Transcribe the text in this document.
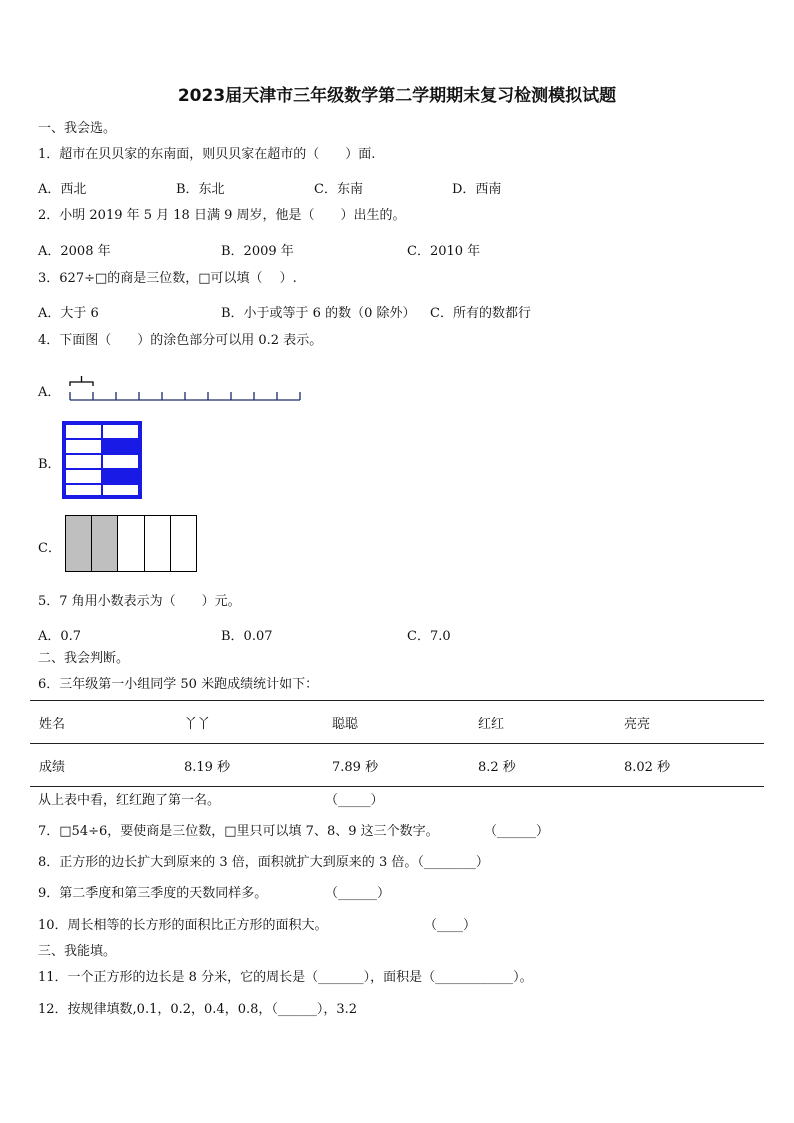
2023届天津市三年级数学第二学期期末复习检测模拟试题
一、我会选。
1．超市在贝贝家的东南面，则贝贝家在超市的（　　）面.
A．西北	B．东北	C．东南	D．西南
2．小明 2019 年 5 月 18 日满 9 周岁，他是（　　）出生的。
A．2008 年	B．2009 年	C．2010 年
3．627÷□的商是三位数，□可以填（　 ）.
A．大于 6	B．小于或等于 6 的数（0 除外） C．所有的数都行
4．下面图（　　）的涂色部分可以用 0.2 表示。
A．
B．
C．
5．7 角用小数表示为（　　）元。
A．0.7	B．0.07	C．7.0
二、我会判断。
6．三年级第一小组同学 50 米跑成绩统计如下：
姓名	丫丫	聪聪	红红	亮亮
成绩	8.19 秒	7.89 秒	8.2 秒	8.02 秒
从上表中看，红红跑了第一名。	（_____）
7．□54÷6，要使商是三位数，□里只可以填 7、8、9 这三个数字。	（______）
8．正方形的边长扩大到原来的 3 倍，面积就扩大到原来的 3 倍。（________）
9．第二季度和第三季度的天数同样多。	（______）
10．周长相等的长方形的面积比正方形的面积大。	（____）
三、我能填。
11．一个正方形的边长是 8 分米，它的周长是（_______），面积是（____________）。
12．按规律填数,0.1，0.2，0.4，0.8，（______），3.2
